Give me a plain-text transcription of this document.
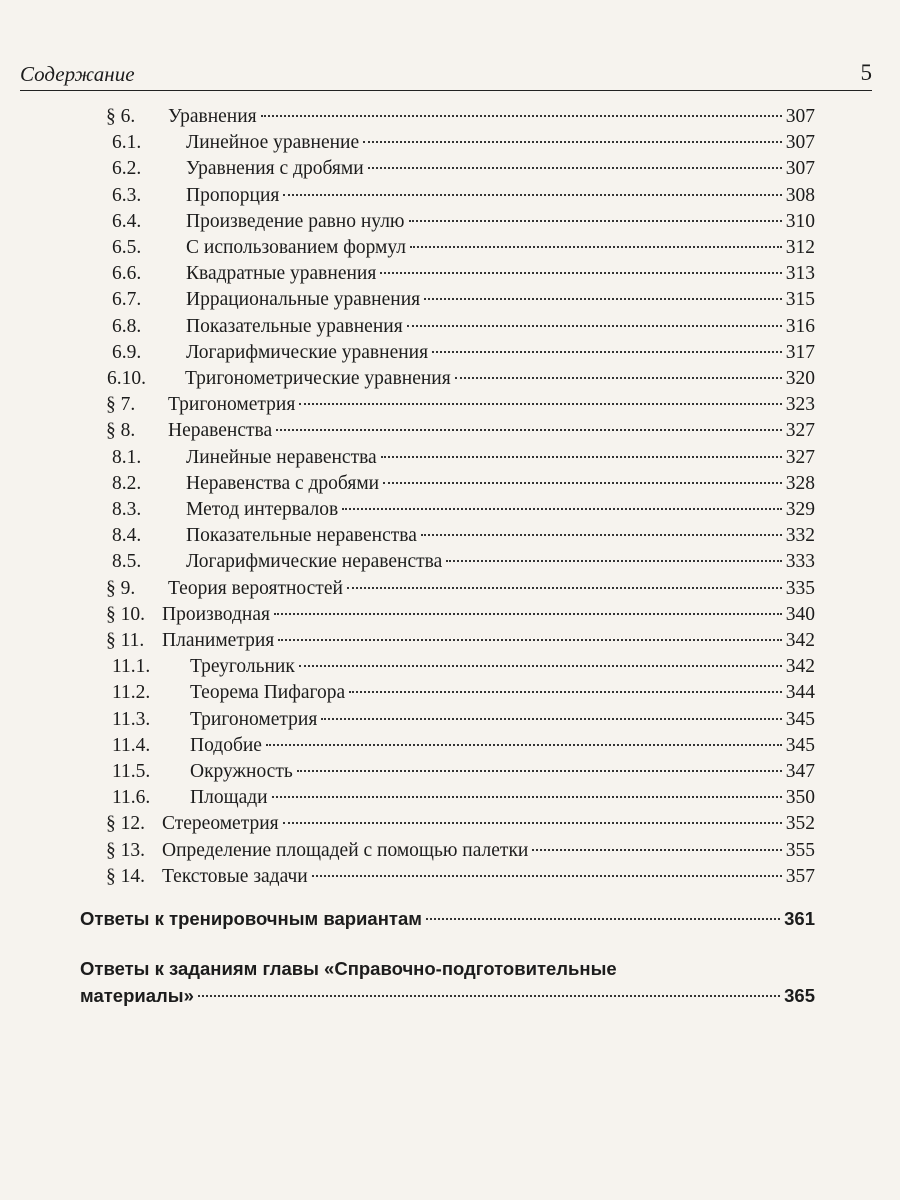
Содержание	5
§ 6.	Уравнения	307
6.1.	Линейное уравнение	307
6.2.	Уравнения с дробями	307
6.3.	Пропорция	308
6.4.	Произведение равно нулю	310
6.5.	С использованием формул	312
6.6.	Квадратные уравнения	313
6.7.	Иррациональные уравнения	315
6.8.	Показательные уравнения	316
6.9.	Логарифмические уравнения	317
6.10.	Тригонометрические уравнения	320
§ 7.	Тригонометрия	323
§ 8.	Неравенства	327
8.1.	Линейные неравенства	327
8.2.	Неравенства с дробями	328
8.3.	Метод интервалов	329
8.4.	Показательные неравенства	332
8.5.	Логарифмические неравенства	333
§ 9.	Теория вероятностей	335
§ 10. Производная	340
§ 11. Планиметрия	342
11.1.	Треугольник	342
11.2.	Теорема Пифагора	344
11.3.	Тригонометрия	345
11.4.	Подобие	345
11.5.	Окружность	347
11.6.	Площади	350
§ 12. Стереометрия	352
§ 13. Определение площадей с помощью палетки	355
§ 14. Текстовые задачи	357
Ответы к тренировочным вариантам	361
Ответы к заданиям главы «Справочно-подготовительные
материалы»	365
